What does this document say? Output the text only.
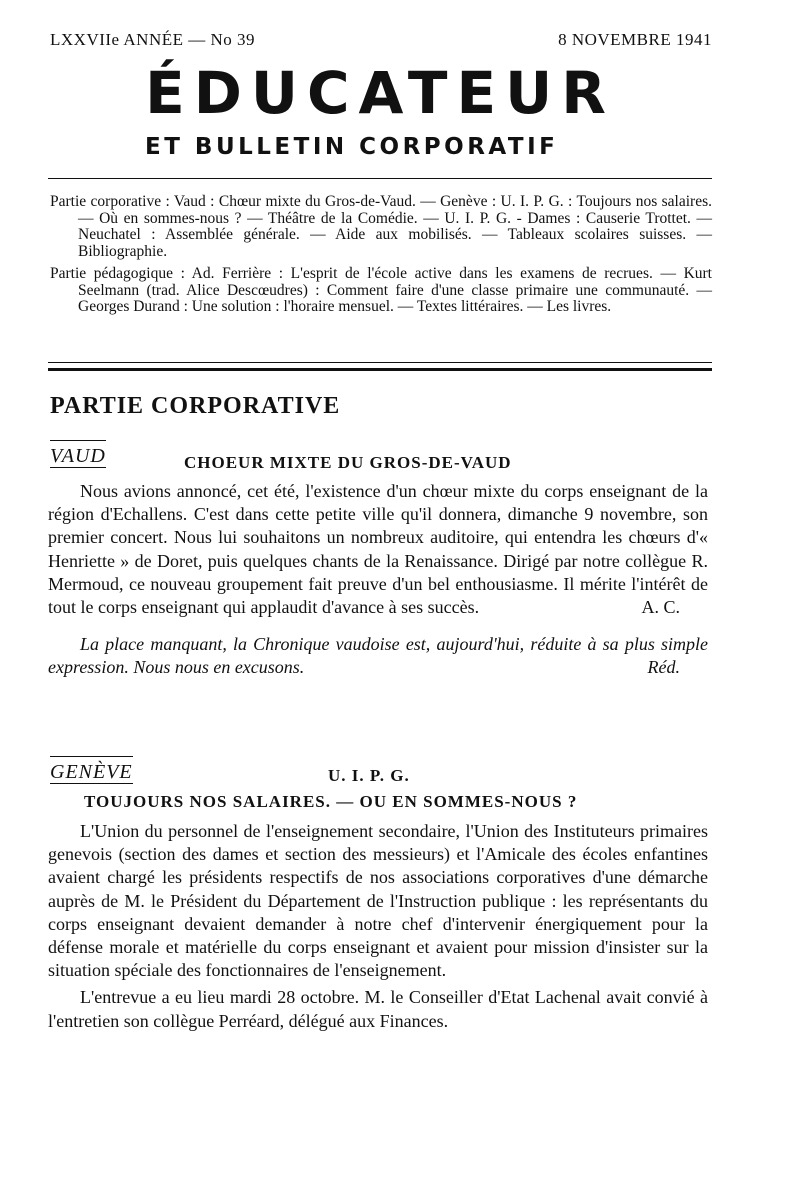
LXXVIIe ANNÉE — No 39	8 NOVEMBRE 1941
ÉDUCATEUR
ET BULLETIN CORPORATIF

Partie corporative : Vaud : Chœur mixte du Gros-de-Vaud. — Genève : U. I. P. G. : Toujours nos salaires. — Où en sommes-nous ? — Théâtre de la Comédie. — U. I. P. G. - Dames : Causerie Trottet. — Neuchatel : Assemblée générale. — Aide aux mobilisés. — Tableaux scolaires suisses. — Bibliographie.

Partie pédagogique : Ad. Ferrière : L'esprit de l'école active dans les examens de recrues. — Kurt Seelmann (trad. Alice Descœudres) : Comment faire d'une classe primaire une communauté. — Georges Durand : Une solution : l'horaire mensuel. — Textes littéraires. — Les livres.

PARTIE CORPORATIVE
VAUD	CHOEUR MIXTE DU GROS-DE-VAUD

Nous avions annoncé, cet été, l'existence d'un chœur mixte du corps enseignant de la région d'Echallens. C'est dans cette petite ville qu'il donnera, dimanche 9 novembre, son premier concert. Nous lui souhaitons un nombreux auditoire, qui entendra les chœurs d'« Henriette » de Doret, puis quelques chants de la Renaissance. Dirigé par notre collègue R. Mermoud, ce nouveau groupement fait preuve d'un bel enthousiasme. Il mérite l'intérêt de tout le corps enseignant qui applaudit d'avance à ses succès.	A. C.

La place manquant, la Chronique vaudoise est, aujourd'hui, réduite à sa plus simple expression. Nous nous en excusons.	Réd.

GENÈVE	U. I. P. G.
TOUJOURS NOS SALAIRES. — OU EN SOMMES-NOUS ?

L'Union du personnel de l'enseignement secondaire, l'Union des Instituteurs primaires genevois (section des dames et section des messieurs) et l'Amicale des écoles enfantines avaient chargé les présidents respectifs de nos associations corporatives d'une démarche auprès de M. le Président du Département de l'Instruction publique : les représentants du corps enseignant devaient demander à notre chef d'intervenir énergiquement pour la défense morale et matérielle du corps enseignant et avaient pour mission d'insister sur la situation spéciale des fonctionnaires de l'enseignement.

L'entrevue a eu lieu mardi 28 octobre. M. le Conseiller d'Etat Lachenal avait convié à l'entretien son collègue Perréard, délégué aux Finances.
